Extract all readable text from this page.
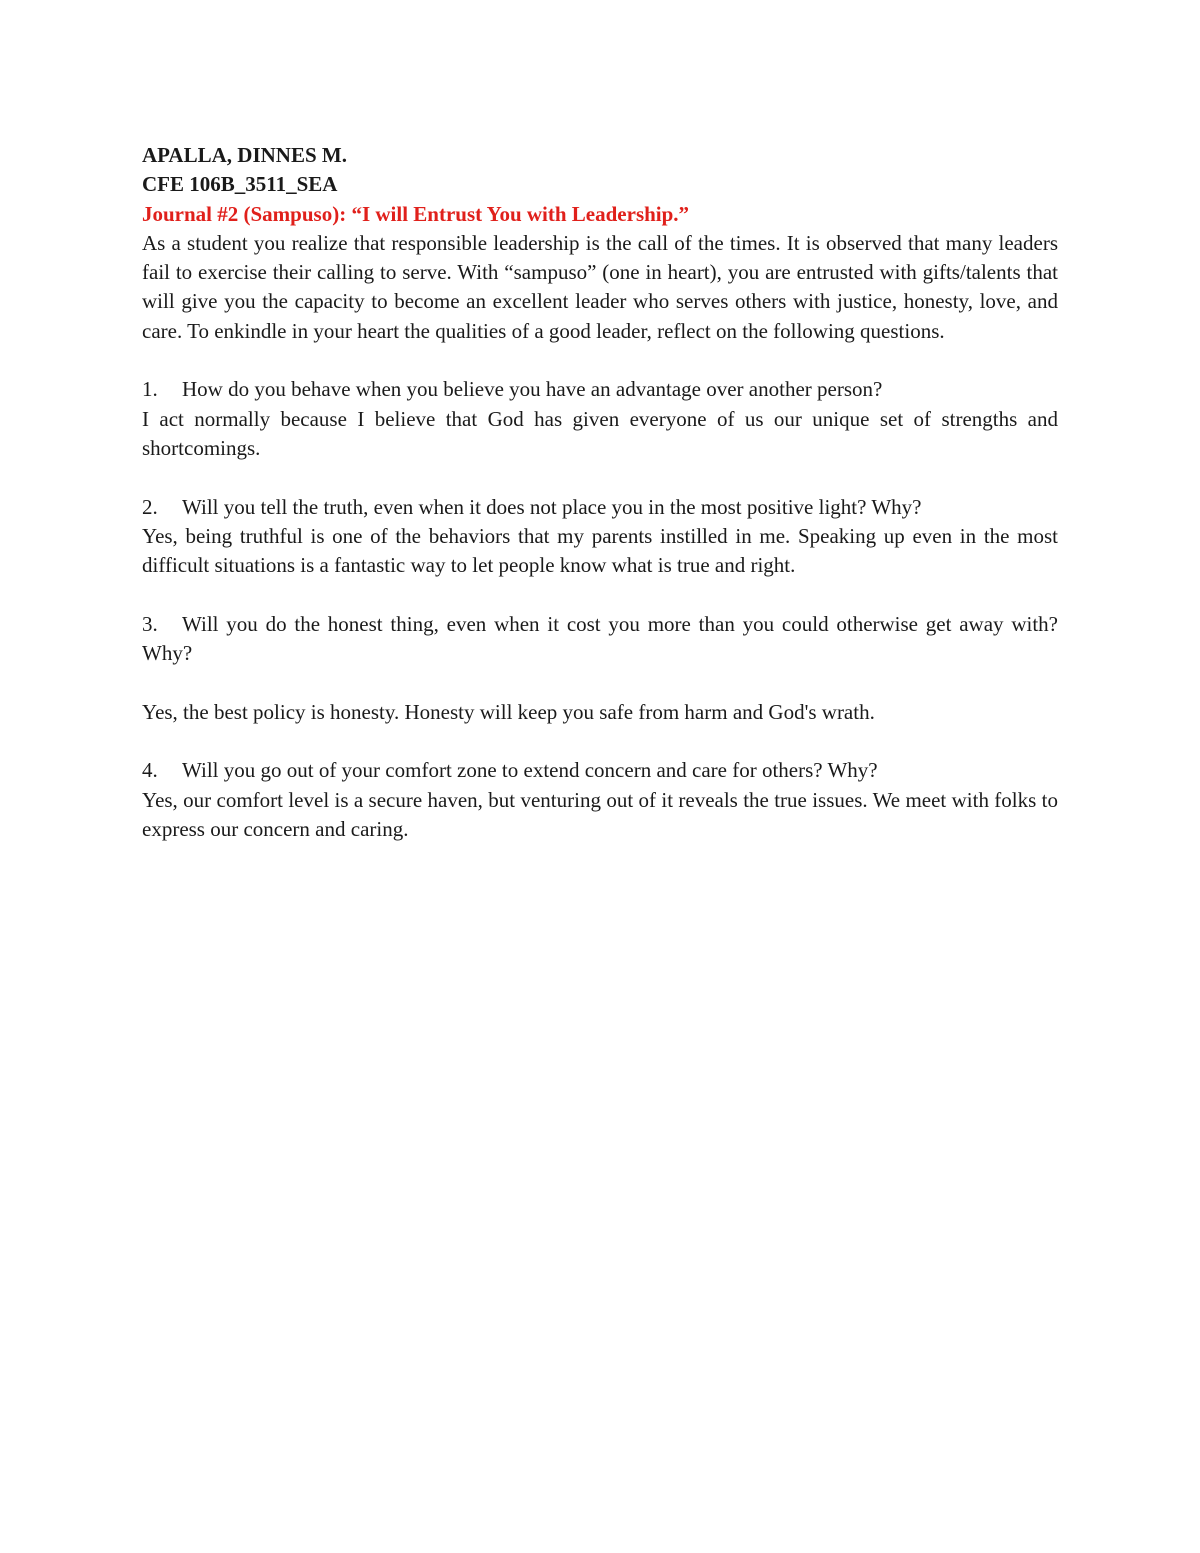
APALLA, DINNES M.

CFE 106B_3511_SEA

Journal #2 (Sampuso): “I will Entrust You with Leadership.”

As a student you realize that responsible leadership is the call of the times. It is observed that many leaders fail to exercise their calling to serve. With “sampuso” (one in heart), you are entrusted with gifts/talents that will give you the capacity to become an excellent leader who serves others with justice, honesty, love, and care. To enkindle in your heart the qualities of a good leader, reflect on the following questions.

1. How do you behave when you believe you have an advantage over another person?

I act normally because I believe that God has given everyone of us our unique set of strengths and shortcomings.

2. Will you tell the truth, even when it does not place you in the most positive light? Why?

Yes, being truthful is one of the behaviors that my parents instilled in me. Speaking up even in the most difficult situations is a fantastic way to let people know what is true and right.

3. Will you do the honest thing, even when it cost you more than you could otherwise get away with? Why?

Yes, the best policy is honesty. Honesty will keep you safe from harm and God's wrath.

4. Will you go out of your comfort zone to extend concern and care for others? Why?

Yes, our comfort level is a secure haven, but venturing out of it reveals the true issues. We meet with folks to express our concern and caring.
